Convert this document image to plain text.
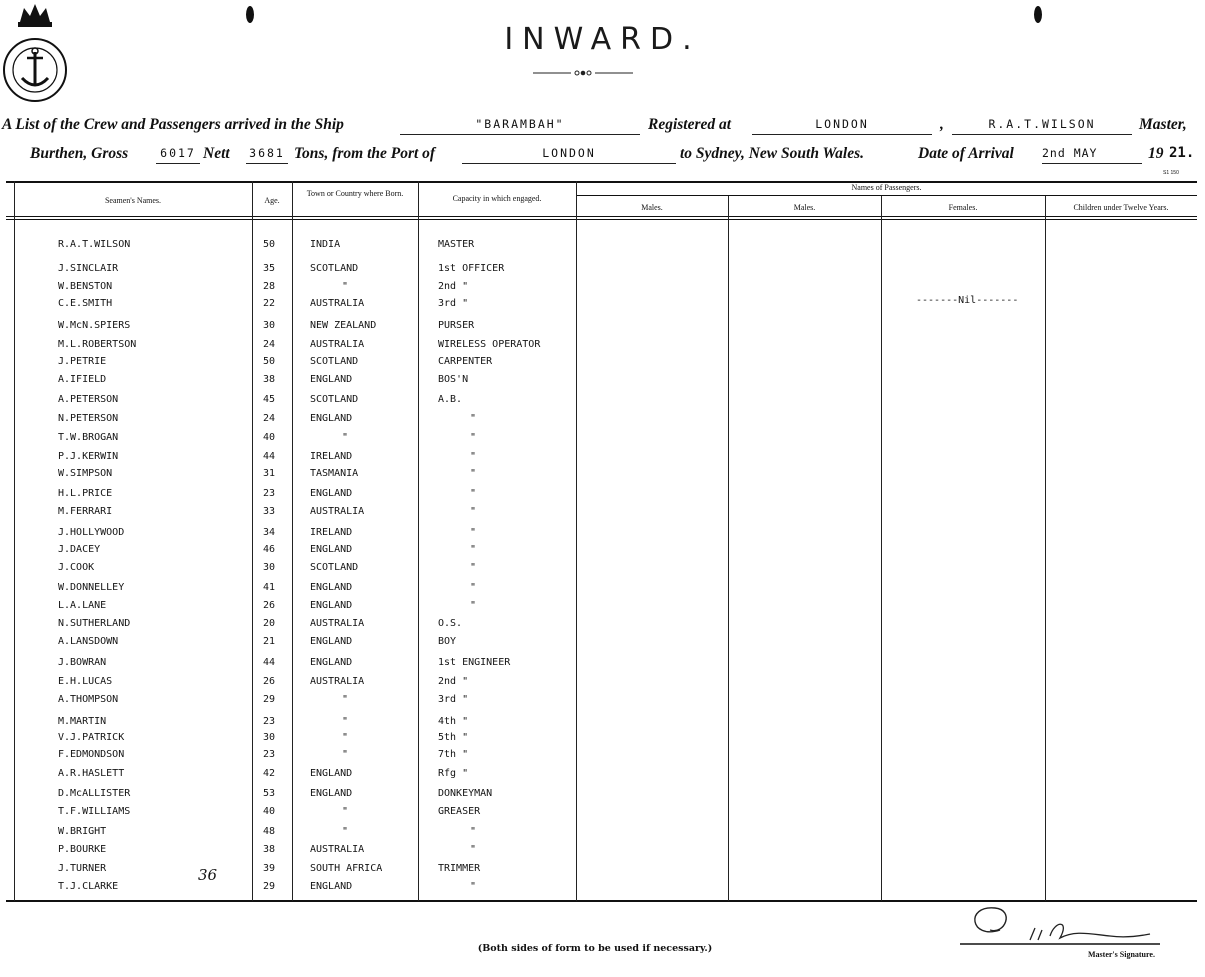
INWARD.
A List of the Crew and Passengers arrived in the Ship	"BARAMBAH"	Registered at	LONDON	,	R.A.T.WILSON	Master,
Burthen, Gross	6017 Nett 3681 Tons, from the Port of	LONDON	to Sydney, New South Wales.	Date of Arrival 2nd MAY	19 21.
S1 150
Seamen's Names.	Age.
Town or Country where Born.
Capacity in which engaged.
Names of Passengers.
Males.	Males.	Females.	Children under Twelve Years.
R.A.T.WILSON	50	INDIA	MASTER
J.SINCLAIR	35	SCOTLAND	1st OFFICER
W.BENSTON	28	"	2nd "
C.E.SMITH	22	AUSTRALIA	3rd "
W.McN.SPIERS	30	NEW ZEALAND	PURSER
M.L.ROBERTSON	24	AUSTRALIA	WIRELESS OPERATOR
J.PETRIE	50	SCOTLAND	CARPENTER
A.IFIELD	38	ENGLAND	BOS'N
A.PETERSON	45	SCOTLAND	A.B.
N.PETERSON	24	ENGLAND	"
T.W.BROGAN	40	"	"
P.J.KERWIN	44	IRELAND	"
W.SIMPSON	31	TASMANIA	"
H.L.PRICE	23	ENGLAND	"
M.FERRARI	33	AUSTRALIA	"
J.HOLLYWOOD	34	IRELAND	"
J.DACEY	46	ENGLAND	"
J.COOK	30	SCOTLAND	"
W.DONNELLEY	41	ENGLAND	"
L.A.LANE	26	ENGLAND	"
N.SUTHERLAND	20	AUSTRALIA	O.S.
A.LANSDOWN	21	ENGLAND	BOY
J.BOWRAN	44	ENGLAND	1st ENGINEER
E.H.LUCAS	26	AUSTRALIA	2nd "
A.THOMPSON	29	"	3rd "
M.MARTIN	23	"	4th "
V.J.PATRICK	30	"	5th "
F.EDMONDSON	23	"	7th "
A.R.HASLETT	42	ENGLAND	Rfg "
D.McALLISTER	53	ENGLAND	DONKEYMAN
T.F.WILLIAMS	40	"	GREASER
W.BRIGHT	48	"	"
P.BOURKE	38	AUSTRALIA	"
J.TURNER	39	SOUTH AFRICA	TRIMMER
T.J.CLARKE	29	ENGLAND	"
-------Nil-------
36
(Both sides of form to be used if necessary.)
Master's Signature.
